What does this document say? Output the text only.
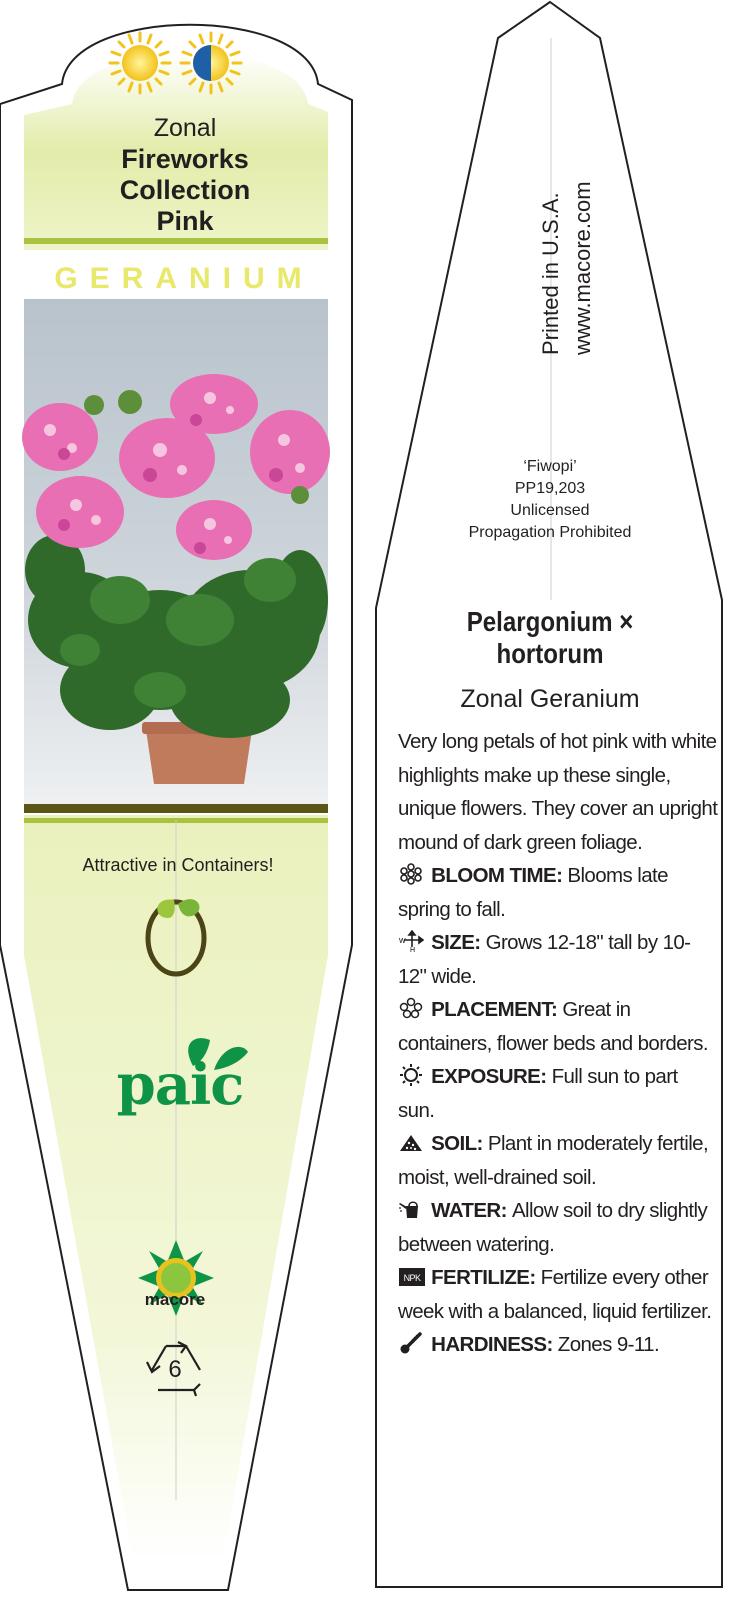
Zonal
Fireworks
Collection
Pink
GERANIUM
Attractive in Containers!
paic
macore
6
‘Fiwopi’
PP19,203
Unlicensed
Propagation Prohibited
Pelargonium ×
hortorum
Zonal Geranium

Very long petals of hot pink with white highlights make up these single, unique flowers. They cover an upright mound of dark green foliage.

BLOOM TIME: Blooms late spring to fall.
W
H SIZE: Grows 12-18" tall by 10-12" wide.
PLACEMENT: Great in containers, flower beds and borders.
EXPOSURE: Full sun to part sun.
SOIL: Plant in moderately fertile, moist, well-drained soil.
WATER: Allow soil to dry slightly between watering.
NPK FERTILIZE: Fertilize every other week with a balanced, liquid fertilizer.
HARDINESS: Zones 9-11.
